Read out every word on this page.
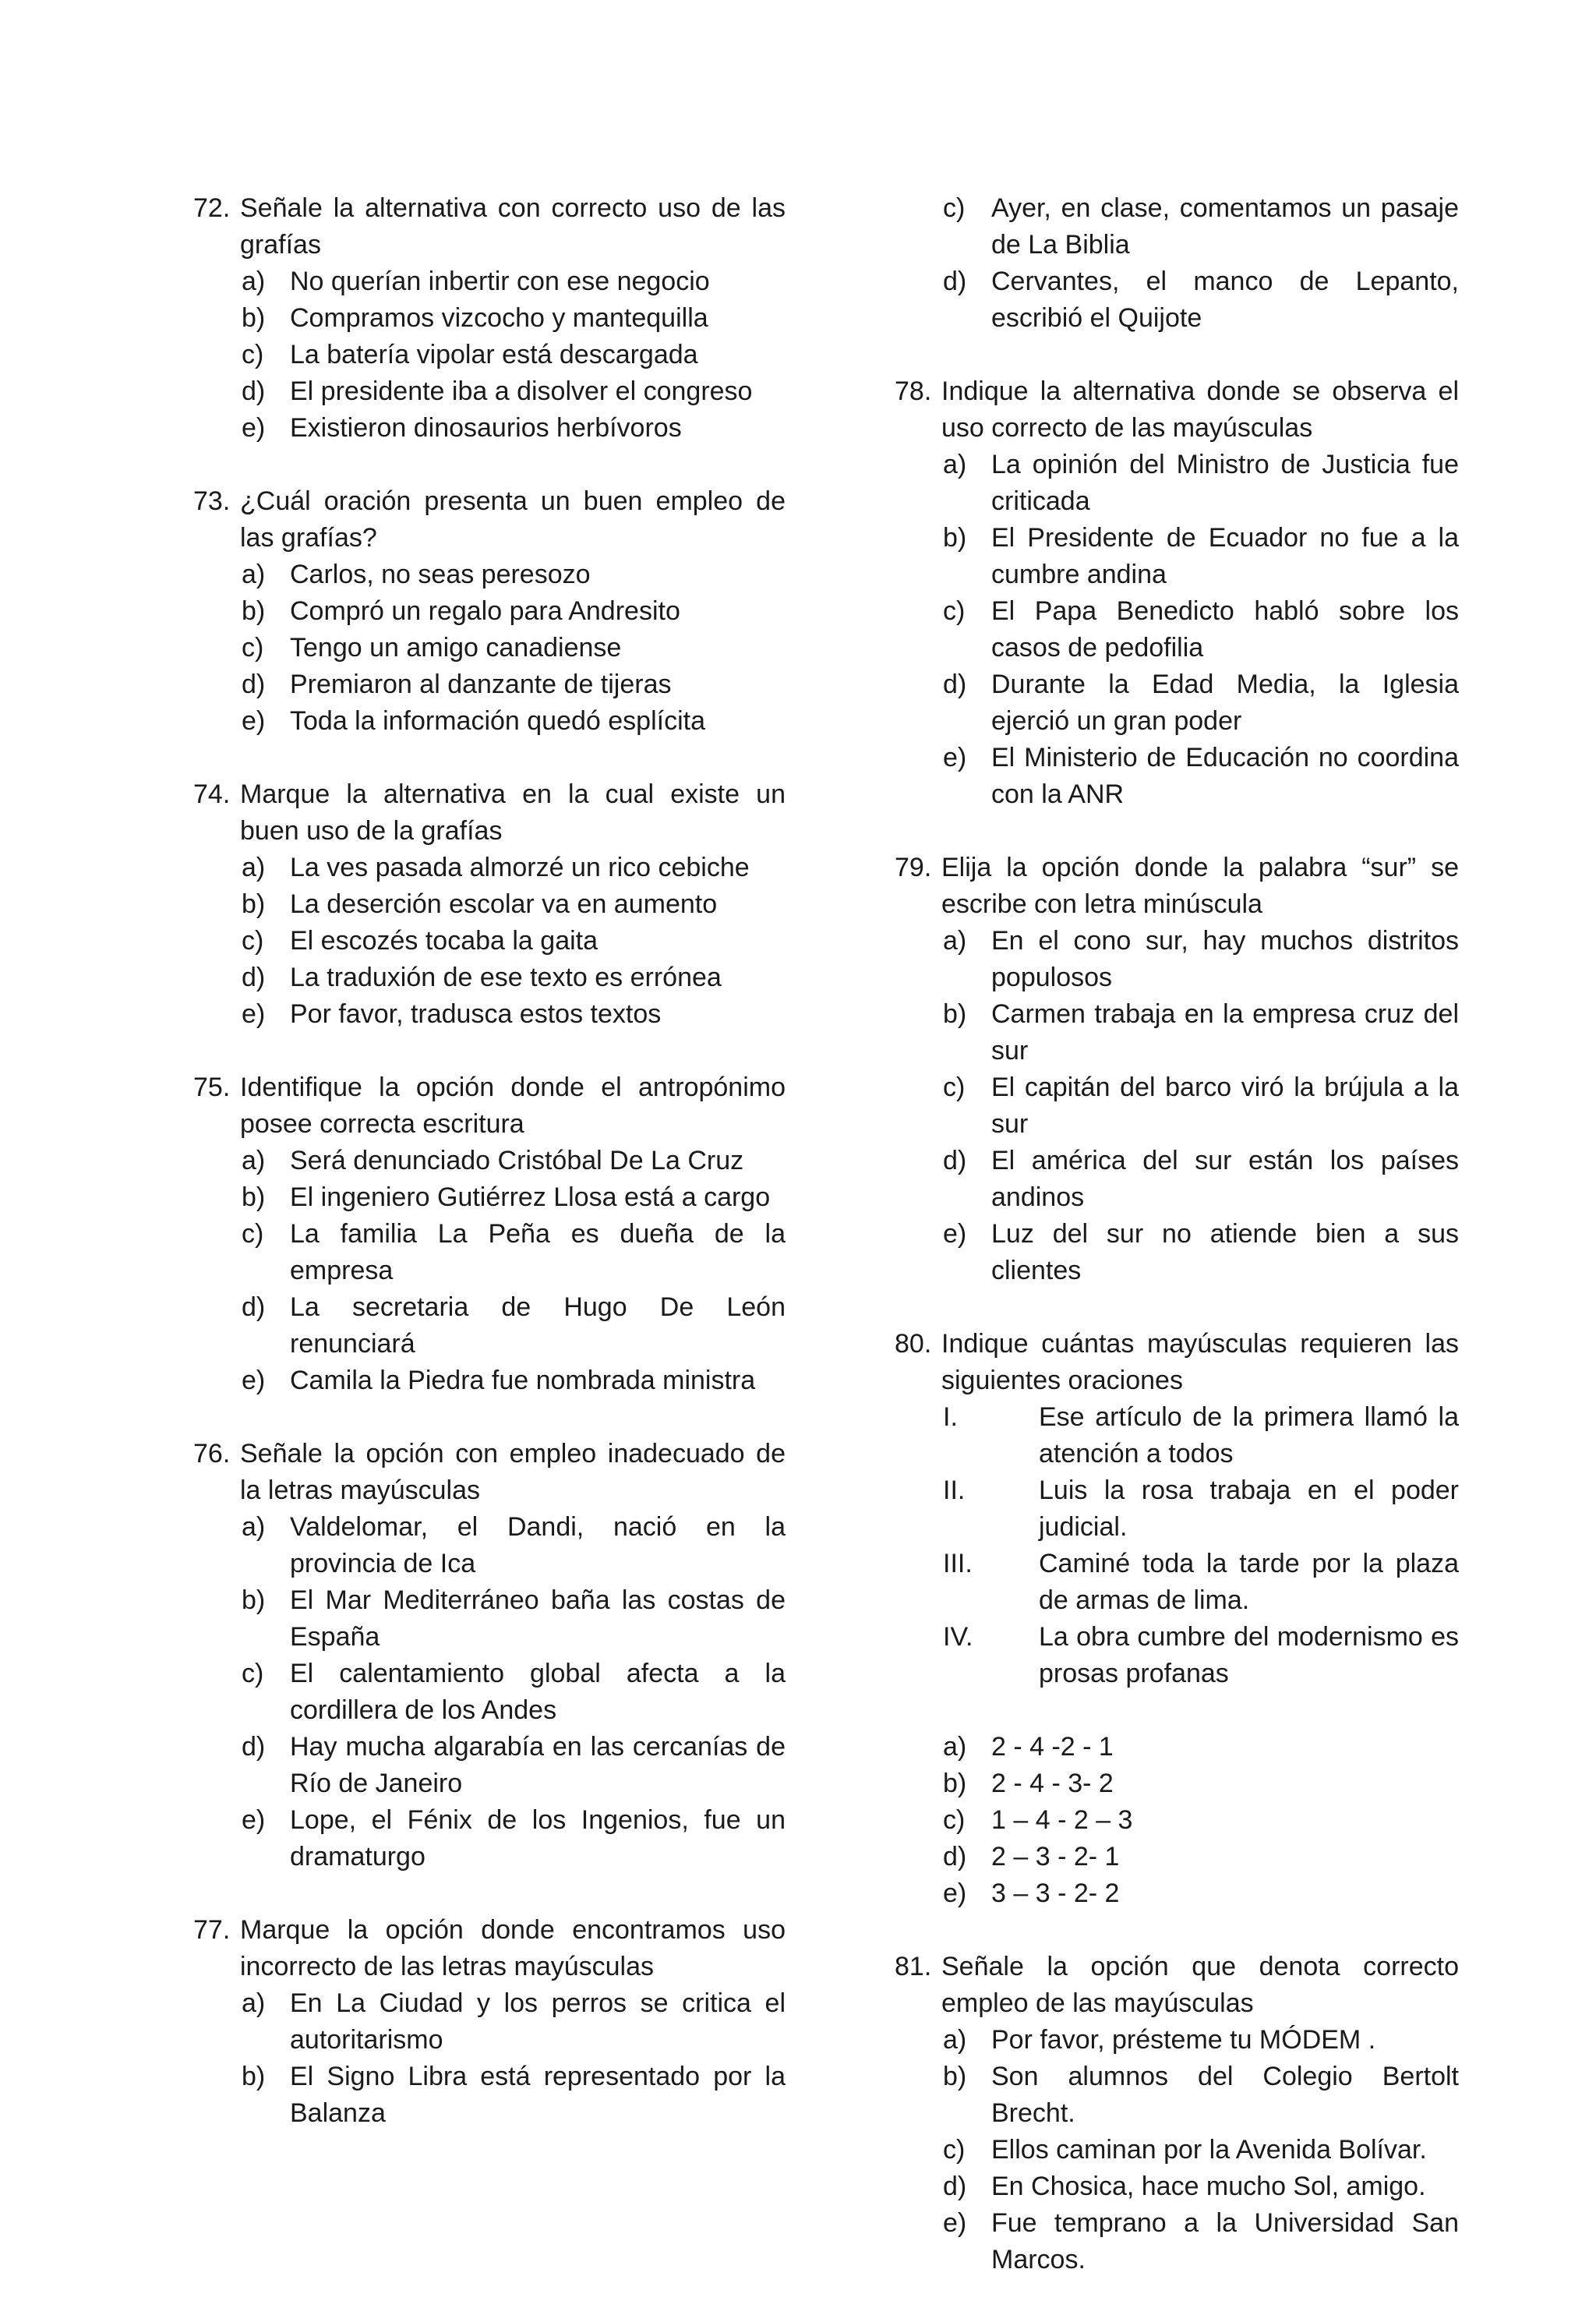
72. Señale la alternativa con correcto uso de las grafías
a) No querían inbertir con ese negocio
b) Compramos vizcocho y mantequilla
c) La batería vipolar está descargada
d) El presidente iba a disolver el congreso
e) Existieron dinosaurios herbívoros
73. ¿Cuál oración presenta un buen empleo de las grafías?
a) Carlos, no seas peresozo
b) Compró un regalo para Andresito
c) Tengo un amigo canadiense
d) Premiaron al danzante de tijeras
e) Toda la información quedó esplícita
74. Marque la alternativa en la cual existe un buen uso de la grafías
a) La ves pasada almorzé un rico cebiche
b) La deserción escolar va en aumento
c) El escozés tocaba la gaita
d) La traduxión de ese texto es errónea
e) Por favor, tradusca estos textos
75. Identifique la opción donde el antropónimo posee correcta escritura
a) Será denunciado Cristóbal De La Cruz
b) El ingeniero Gutiérrez Llosa está a cargo
c) La familia La Peña es dueña de la empresa
d) La secretaria de Hugo De León renunciará
e) Camila la Piedra fue nombrada ministra
76. Señale la opción con empleo inadecuado de la letras mayúsculas
a) Valdelomar, el Dandi, nació en la provincia de Ica
b) El Mar Mediterráneo baña las costas de España
c) El calentamiento global afecta a la cordillera de los Andes
d) Hay mucha algarabía en las cercanías de Río de Janeiro
e) Lope, el Fénix de los Ingenios, fue un dramaturgo
77. Marque la opción donde encontramos uso incorrecto de las letras mayúsculas
a) En La Ciudad y los perros se critica el autoritarismo
b) El Signo Libra está representado por la Balanza
c) Ayer, en clase, comentamos un pasaje de La Biblia
d) Cervantes, el manco de Lepanto, escribió el Quijote
78. Indique la alternativa donde se observa el uso correcto de las mayúsculas
a) La opinión del Ministro de Justicia fue criticada
b) El Presidente de Ecuador no fue a la cumbre andina
c) El Papa Benedicto habló sobre los casos de pedofilia
d) Durante la Edad Media, la Iglesia ejerció un gran poder
e) El Ministerio de Educación no coordina con la ANR
79. Elija la opción donde la palabra “sur” se escribe con letra minúscula
a) En el cono sur, hay muchos distritos populosos
b) Carmen trabaja en la empresa cruz del sur
c) El capitán del barco viró la brújula a la sur
d) El américa del sur están los países andinos
e) Luz del sur no atiende bien a sus clientes
80. Indique cuántas mayúsculas requieren las siguientes oraciones
I.	Ese artículo de la primera llamó la atención a todos
II.	Luis la rosa trabaja en el poder judicial.
III.	Caminé toda la tarde por la plaza de armas de lima.
IV.	La obra cumbre del modernismo es prosas profanas
a) 2 - 4 -2 - 1
b) 2 - 4 - 3- 2
c) 1 – 4 - 2 – 3
d) 2 – 3 - 2- 1
e) 3 – 3 - 2- 2
81. Señale la opción que denota correcto empleo de las mayúsculas
a) Por favor, présteme tu MÓDEM .
b) Son alumnos del Colegio Bertolt Brecht.
c) Ellos caminan por la Avenida Bolívar.
d) En Chosica, hace mucho Sol, amigo.
e) Fue temprano a la Universidad San Marcos.
